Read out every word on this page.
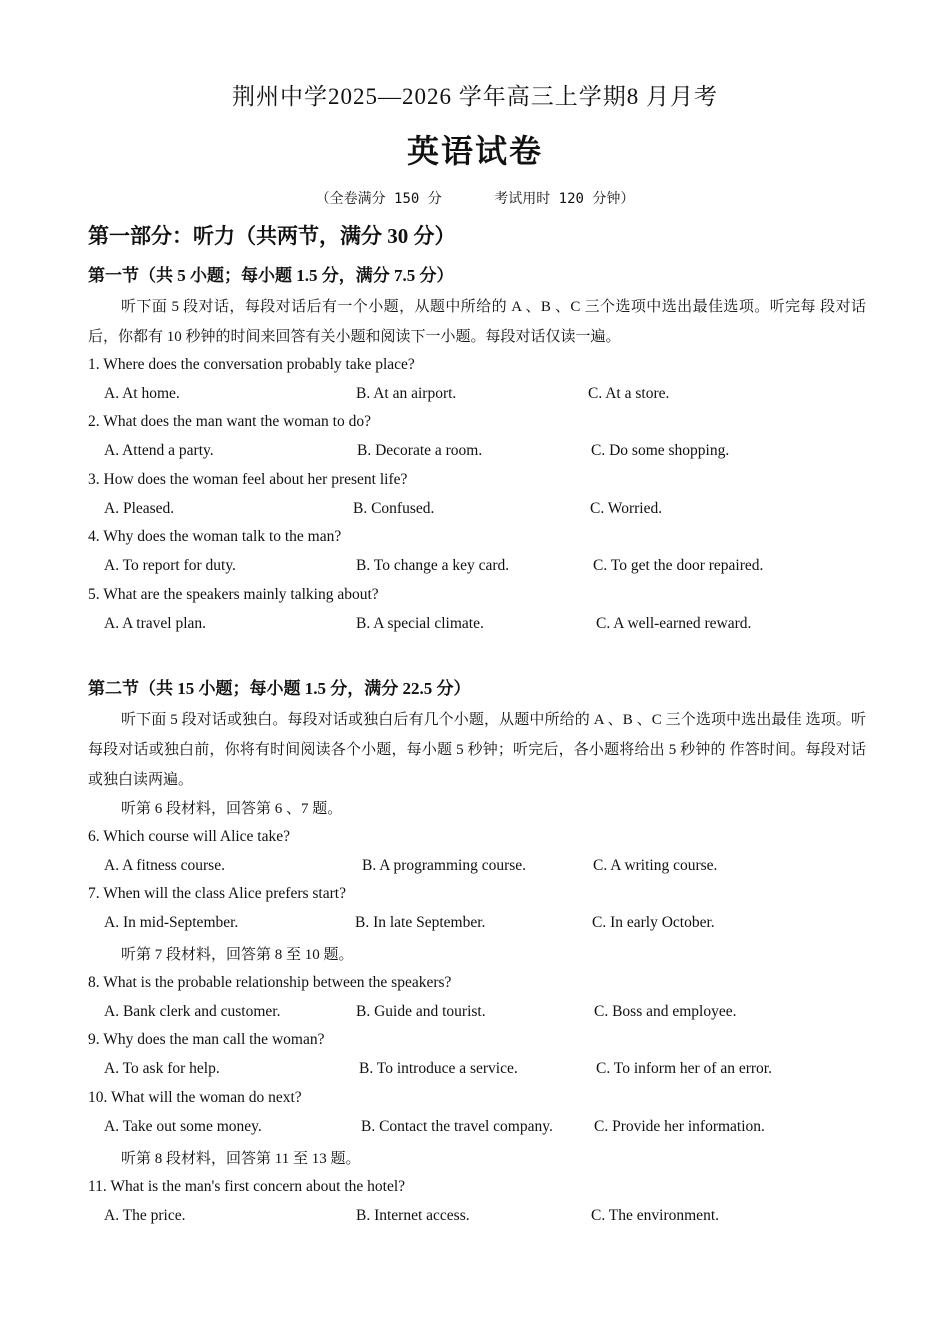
荆州中学2025—2026 学年高三上学期8 月月考
英语试卷
（全卷满分 150 分	考试用时 120 分钟）
第一部分：听力（共两节，满分 30 分）
第一节（共 5 小题；每小题 1.5 分，满分 7.5 分）
听下面 5 段对话，每段对话后有一个小题，从题中所给的 A 、B 、C 三个选项中选出最佳选项。听完每 段对话后，你都有 10 秒钟的时间来回答有关小题和阅读下一小题。每段对话仅读一遍。
1. Where does the conversation probably take place?
A. At home.	B. At an airport.	C. At a store.
2. What does the man want the woman to do?
A. Attend a party.	B. Decorate a room.	C. Do some shopping.
3. How does the woman feel about her present life?
A. Pleased.	B. Confused.	C. Worried.
4. Why does the woman talk to the man?
A. To report for duty.	B. To change a key card.	C. To get the door repaired.
5. What are the speakers mainly talking about?
A. A travel plan.	B. A special climate.	C. A well-earned reward.
第二节（共 15 小题；每小题 1.5 分，满分 22.5 分）
听下面 5 段对话或独白。每段对话或独白后有几个小题，从题中所给的 A 、B 、C 三个选项中选出最佳 选项。听每段对话或独白前，你将有时间阅读各个小题，每小题 5 秒钟；听完后，各小题将给出 5 秒钟的 作答时间。每段对话或独白读两遍。
听第 6 段材料，回答第 6 、7 题。
6. Which course will Alice take?
A. A fitness course.	B. A programming course.	C. A writing course.
7. When will the class Alice prefers start?
A. In mid-September.	B. In late September.	C. In early October.
听第 7 段材料，回答第 8 至 10 题。
8. What is the probable relationship between the speakers?
A. Bank clerk and customer.	B. Guide and tourist.	C. Boss and employee.
9. Why does the man call the woman?
A. To ask for help.	B. To introduce a service.	C. To inform her of an error.
10. What will the woman do next?
A. Take out some money.	B. Contact the travel company.	C. Provide her information.
听第 8 段材料，回答第 11 至 13 题。
11. What is the man's first concern about the hotel?
A. The price.	B. Internet access.	C. The environment.
